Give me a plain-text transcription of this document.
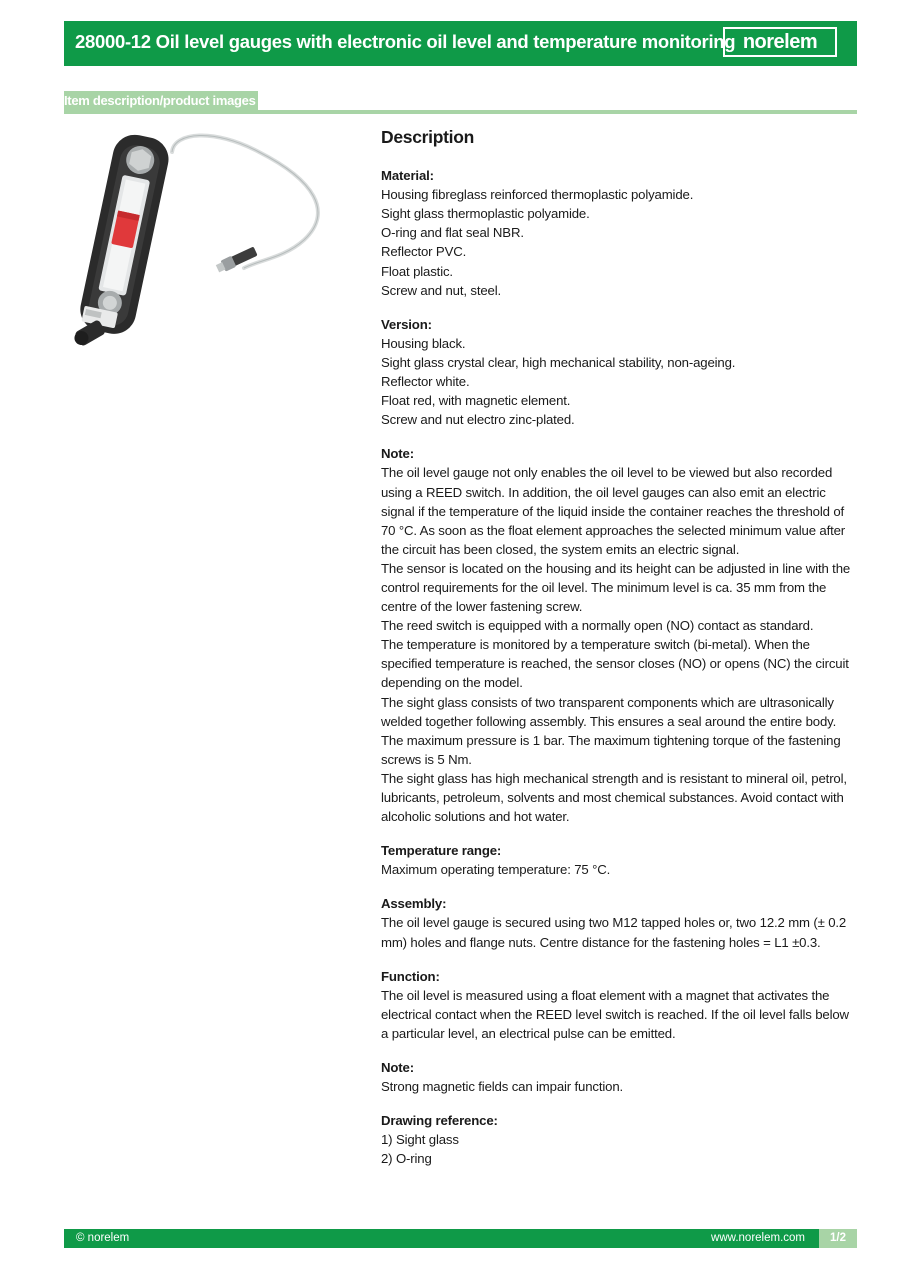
28000-12 Oil level gauges with electronic oil level and temperature monitoring norelem
Item description/product images
Description
Material:

Housing fibreglass reinforced thermoplastic polyamide.

Sight glass thermoplastic polyamide.

O-ring and flat seal NBR.

Reflector PVC.

Float plastic.

Screw and nut, steel.

Version:

Housing black.

Sight glass crystal clear, high mechanical stability, non-ageing.

Reflector white.

Float red, with magnetic element.

Screw and nut electro zinc-plated.

Note:

The oil level gauge not only enables the oil level to be viewed but also recorded using a REED switch. In addition, the oil level gauges can also emit an electric signal if the temperature of the liquid inside the container reaches the threshold of 70 °C. As soon as the float element approaches the selected minimum value after the circuit has been closed, the system emits an electric signal.

The sensor is located on the housing and its height can be adjusted in line with the control requirements for the oil level. The minimum level is ca. 35 mm from the centre of the lower fastening screw.

The reed switch is equipped with a normally open (NO) contact as standard.

The temperature is monitored by a temperature switch (bi-metal). When the specified temperature is reached, the sensor closes (NO) or opens (NC) the circuit depending on the model.

The sight glass consists of two transparent components which are ultrasonically welded together following assembly. This ensures a seal around the entire body. The maximum pressure is 1 bar. The maximum tightening torque of the fastening screws is 5 Nm.

The sight glass has high mechanical strength and is resistant to mineral oil, petrol, lubricants, petroleum, solvents and most chemical substances. Avoid contact with alcoholic solutions and hot water.

Temperature range:

Maximum operating temperature: 75 °C.

Assembly:

The oil level gauge is secured using two M12 tapped holes or, two 12.2 mm (± 0.2 mm) holes and flange nuts. Centre distance for the fastening holes = L1 ±0.3.

Function:

The oil level is measured using a float element with a magnet that activates the electrical contact when the REED level switch is reached. If the oil level falls below a particular level, an electrical pulse can be emitted.

Note:

Strong magnetic fields can impair function.

Drawing reference:

1) Sight glass

2) O-ring

© norelem	www.norelem.com	1/2
